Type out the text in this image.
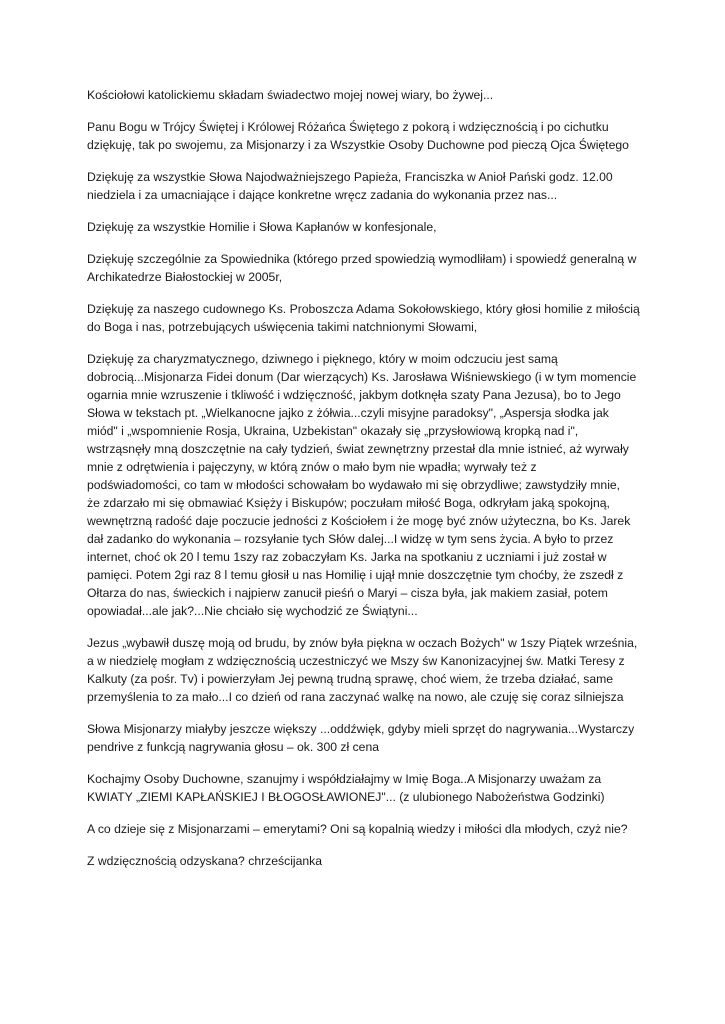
Kościołowi katolickiemu składam świadectwo mojej nowej wiary, bo żywej...

Panu Bogu w Trójcy Świętej i Królowej Różańca Świętego z pokorą i wdzięcznością i po cichutku
dziękuję, tak po swojemu, za Misjonarzy i za Wszystkie Osoby Duchowne pod pieczą Ojca Świętego

Dziękuję za wszystkie Słowa Najodważniejszego Papieża, Franciszka w Anioł Pański godz. 12.00
niedziela i za umacniające i dające konkretne wręcz zadania do wykonania przez nas...

Dziękuję za wszystkie Homilie i Słowa Kapłanów w konfesjonale,

Dziękuję szczególnie za Spowiednika (którego przed spowiedzią wymodliłam) i spowiedź generalną w
Archikatedrze Białostockiej w 2005r,

Dziękuję za naszego cudownego Ks. Proboszcza Adama Sokołowskiego, który głosi homilie z miłością
do Boga i nas, potrzebujących uświęcenia takimi natchnionymi Słowami,

Dziękuję za charyzmatycznego, dziwnego i pięknego, który w moim odczuciu jest samą
dobrocią...Misjonarza Fidei donum (Dar wierzących) Ks. Jarosława Wiśniewskiego (i w tym momencie
ogarnia mnie wzruszenie i tkliwość i wdzięczność, jakbym dotknęła szaty Pana Jezusa), bo to Jego
Słowa w tekstach pt. „Wielkanocne jajko z żółwia...czyli misyjne paradoksy", „Aspersja słodka jak
miód" i „wspomnienie Rosja, Ukraina, Uzbekistan" okazały się „przysłowiową kropką nad i",
wstrząsnęły mną doszczętnie na cały tydzień, świat zewnętrzny przestał dla mnie istnieć, aż wyrwały
mnie z odrętwienia i pajęczyny, w którą znów o mało bym nie wpadła; wyrwały też z
podświadomości, co tam w młodości schowałam bo wydawało mi się obrzydliwe; zawstydziły mnie,
że zdarzało mi się obmawiać Księży i Biskupów; poczułam miłość Boga, odkryłam jaką spokojną,
wewnętrzną radość daje poczucie jedności z Kościołem i że mogę być znów użyteczna, bo Ks. Jarek
dał zadanko do wykonania – rozsyłanie tych Słów dalej...I widzę w tym sens życia. A było to przez
internet, choć ok 20 l temu 1szy raz zobaczyłam Ks. Jarka na spotkaniu z uczniami i już został w
pamięci. Potem 2gi raz 8 l temu głosił u nas Homilię i ujął mnie doszczętnie tym choćby, że zszedł z
Ołtarza do nas, świeckich i najpierw zanucił pieśń o Maryi – cisza była, jak makiem zasiał, potem
opowiadał...ale jak?...Nie chciało się wychodzić ze Świątyni...

Jezus „wybawił duszę moją od brudu, by znów była piękna w oczach Bożych" w 1szy Piątek września,
a w niedzielę mogłam z wdzięcznością uczestniczyć we Mszy św Kanonizacyjnej św. Matki Teresy z
Kalkuty (za pośr. Tv) i powierzyłam Jej pewną trudną sprawę, choć wiem, że trzeba działać, same
przemyślenia to za mało...I co dzień od rana zaczynać walkę na nowo, ale czuję się coraz silniejsza

Słowa Misjonarzy miałyby jeszcze większy ...oddźwięk, gdyby mieli sprzęt do nagrywania...Wystarczy
pendrive z funkcją nagrywania głosu – ok. 300 zł cena

Kochajmy Osoby Duchowne, szanujmy i współdziałajmy w Imię Boga..A Misjonarzy uważam za
KWIATY „ZIEMI KAPŁAŃSKIEJ I BŁOGOSŁAWIONEJ"... (z ulubionego Nabożeństwa Godzinki)

A co dzieje się z Misjonarzami – emerytami? Oni są kopalnią wiedzy i miłości dla młodych, czyż nie?

Z wdzięcznością odzyskana? chrześcijanka
